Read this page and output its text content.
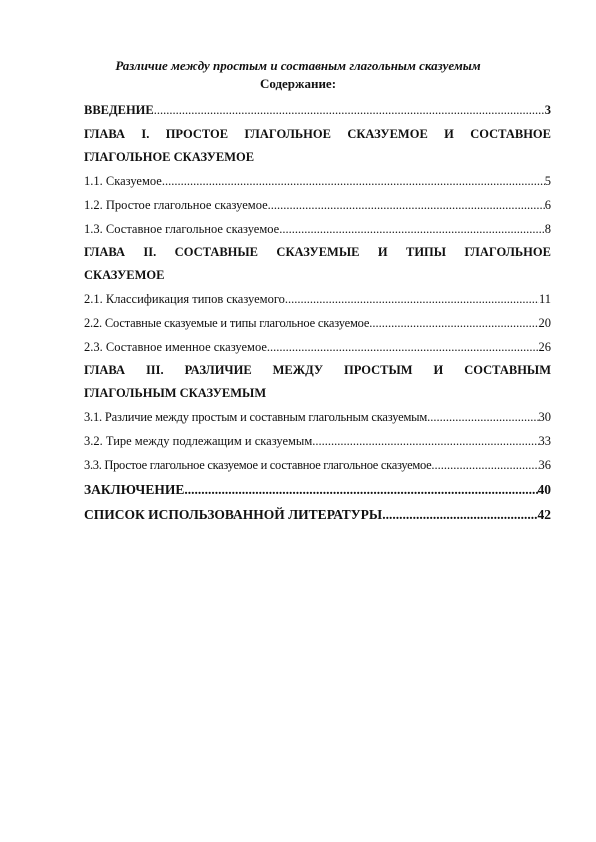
Различие между простым и составным глагольным сказуемым
Содержание:
ВВЕДЕНИЕ .....	3
ГЛАВА I. ПРОСТОЕ ГЛАГОЛЬНОЕ СКАЗУЕМОЕ И СОСТАВНОЕ
ГЛАГОЛЬНОЕ СКАЗУЕМОЕ
1.1. Сказуемое .....	5
1.2. Простое глагольное сказуемое .....	6
1.3. Составное глагольное сказуемое .....	8
ГЛАВА II. СОСТАВНЫЕ СКАЗУЕМЫЕ И ТИПЫ ГЛАГОЛЬНОЕ
СКАЗУЕМОЕ
2.1. Классификация типов сказуемого .....	11
2.2. Составные сказуемые и типы глагольное сказуемое .....	20
2.3. Составное именное сказуемое .....	26
ГЛАВА III. РАЗЛИЧИЕ МЕЖДУ ПРОСТЫМ И СОСТАВНЫМ
ГЛАГОЛЬНЫМ СКАЗУЕМЫМ
3.1. Различие между простым и составным глагольным сказуемым .....	30
3.2. Тире между подлежащим и сказуемым .....	33
3.3. Простое глагольное сказуемое и составное глагольное сказуемое .....	36
ЗАКЛЮЧЕНИЕ .....	40
СПИСОК ИСПОЛЬЗОВАННОЙ ЛИТЕРАТУРЫ .....	42
